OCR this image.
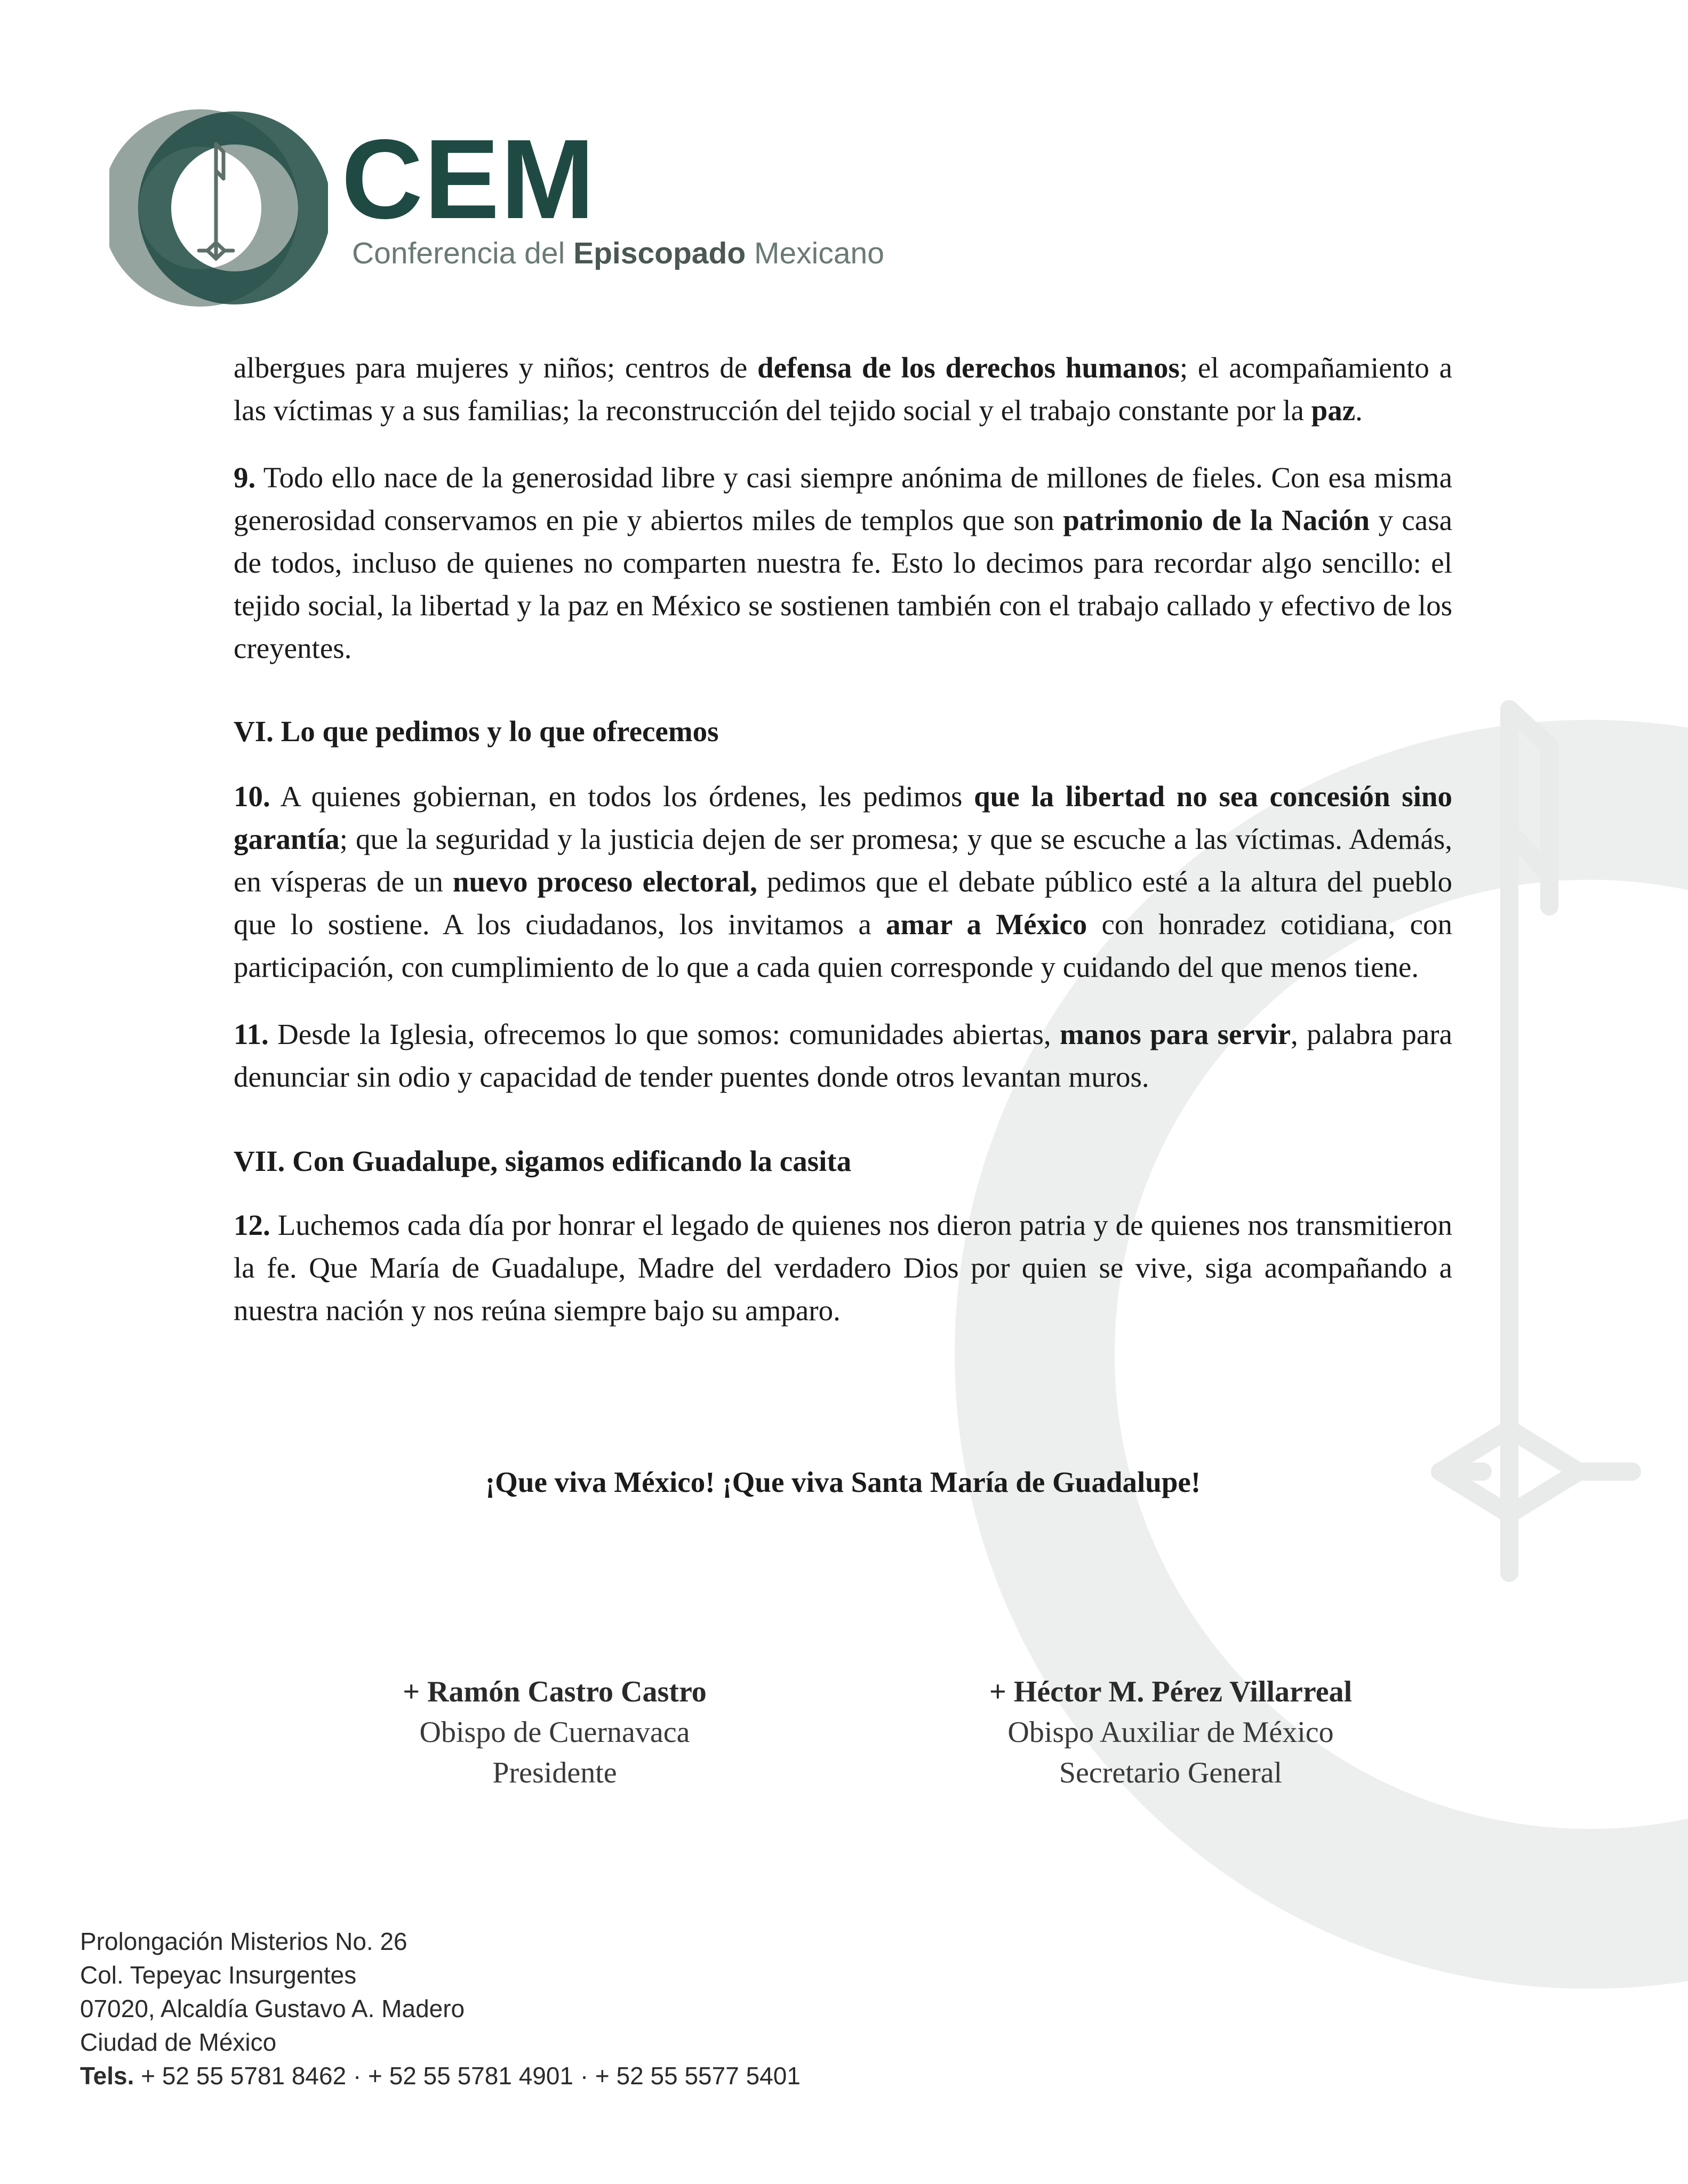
CEM
Conferencia del Episcopado Mexicano

albergues para mujeres y niños; centros de defensa de los derechos humanos; el acompañamiento a las víctimas y a sus familias; la reconstrucción del tejido social y el trabajo constante por la paz.

9. Todo ello nace de la generosidad libre y casi siempre anónima de millones de fieles. Con esa misma generosidad conservamos en pie y abiertos miles de templos que son patrimonio de la Nación y casa de todos, incluso de quienes no comparten nuestra fe. Esto lo decimos para recordar algo sencillo: el tejido social, la libertad y la paz en México se sostienen también con el trabajo callado y efectivo de los creyentes.

VI. Lo que pedimos y lo que ofrecemos

10. A quienes gobiernan, en todos los órdenes, les pedimos que la libertad no sea concesión sino garantía; que la seguridad y la justicia dejen de ser promesa; y que se escuche a las víctimas. Además, en vísperas de un nuevo proceso electoral, pedimos que el debate público esté a la altura del pueblo que lo sostiene. A los ciudadanos, los invitamos a amar a México con honradez cotidiana, con participación, con cumplimiento de lo que a cada quien corresponde y cuidando del que menos tiene.

11. Desde la Iglesia, ofrecemos lo que somos: comunidades abiertas, manos para servir, palabra para denunciar sin odio y capacidad de tender puentes donde otros levantan muros.

VII. Con Guadalupe, sigamos edificando la casita

12. Luchemos cada día por honrar el legado de quienes nos dieron patria y de quienes nos transmitieron la fe. Que María de Guadalupe, Madre del verdadero Dios por quien se vive, siga acompañando a nuestra nación y nos reúna siempre bajo su amparo.

¡Que viva México! ¡Que viva Santa María de Guadalupe!

+ Ramón Castro Castro
Obispo de Cuernavaca
Presidente
+ Héctor M. Pérez Villarreal
Obispo Auxiliar de México
Secretario General
Prolongación Misterios No. 26
Col. Tepeyac Insurgentes
07020, Alcaldía Gustavo A. Madero
Ciudad de México
Tels. + 52 55 5781 8462 · + 52 55 5781 4901 · + 52 55 5577 5401
